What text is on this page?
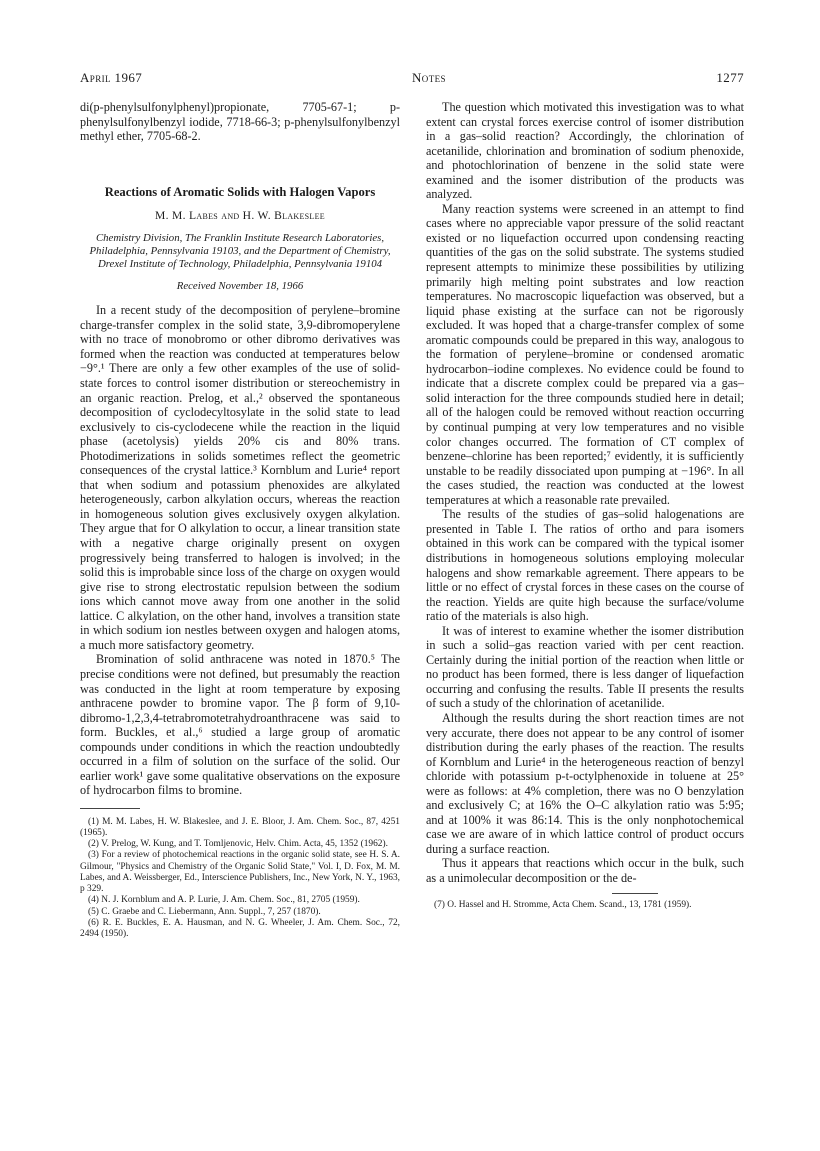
April 1967	Notes	1277

di(p-phenylsulfonylphenyl)propionate, 7705-67-1; p-phenylsulfonylbenzyl iodide, 7718-66-3; p-phenylsulfonylbenzyl methyl ether, 7705-68-2.

Reactions of Aromatic Solids with Halogen Vapors
M. M. Labes and H. W. Blakeslee
Chemistry Division, The Franklin Institute Research Laboratories, Philadelphia, Pennsylvania 19103, and the Department of Chemistry, Drexel Institute of Technology, Philadelphia, Pennsylvania 19104
Received November 18, 1966

In a recent study of the decomposition of perylene–bromine charge-transfer complex in the solid state, 3,9-dibromoperylene with no trace of monobromo or other dibromo derivatives was formed when the reaction was conducted at temperatures below −9°.¹ There are only a few other examples of the use of solid-state forces to control isomer distribution or stereochemistry in an organic reaction. Prelog, et al.,² observed the spontaneous decomposition of cyclodecyltosylate in the solid state to lead exclusively to cis-cyclodecene while the reaction in the liquid phase (acetolysis) yields 20% cis and 80% trans. Photodimerizations in solids sometimes reflect the geometric consequences of the crystal lattice.³ Kornblum and Lurie⁴ report that when sodium and potassium phenoxides are alkylated heterogeneously, carbon alkylation occurs, whereas the reaction in homogeneous solution gives exclusively oxygen alkylation. They argue that for O alkylation to occur, a linear transition state with a negative charge originally present on oxygen progressively being transferred to halogen is involved; in the solid this is improbable since loss of the charge on oxygen would give rise to strong electrostatic repulsion between the sodium ions which cannot move away from one another in the solid lattice. C alkylation, on the other hand, involves a transition state in which sodium ion nestles between oxygen and halogen atoms, a much more satisfactory geometry.

Bromination of solid anthracene was noted in 1870.⁵ The precise conditions were not defined, but presumably the reaction was conducted in the light at room temperature by exposing anthracene powder to bromine vapor. The β form of 9,10-dibromo-1,2,3,4-tetrabromotetrahydroanthracene was said to form. Buckles, et al.,⁶ studied a large group of aromatic compounds under conditions in which the reaction undoubtedly occurred in a film of solution on the surface of the solid. Our earlier work¹ gave some qualitative observations on the exposure of hydrocarbon films to bromine.

(1) M. M. Labes, H. W. Blakeslee, and J. E. Bloor, J. Am. Chem. Soc., 87, 4251 (1965).

(2) V. Prelog, W. Kung, and T. Tomljenovic, Helv. Chim. Acta, 45, 1352 (1962).

(3) For a review of photochemical reactions in the organic solid state, see H. S. A. Gilmour, "Physics and Chemistry of the Organic Solid State," Vol. I, D. Fox, M. M. Labes, and A. Weissberger, Ed., Interscience Publishers, Inc., New York, N. Y., 1963, p 329.

(4) N. J. Kornblum and A. P. Lurie, J. Am. Chem. Soc., 81, 2705 (1959).

(5) C. Graebe and C. Liebermann, Ann. Suppl., 7, 257 (1870).

(6) R. E. Buckles, E. A. Hausman, and N. G. Wheeler, J. Am. Chem. Soc., 72, 2494 (1950).

The question which motivated this investigation was to what extent can crystal forces exercise control of isomer distribution in a gas–solid reaction? Accordingly, the chlorination of acetanilide, chlorination and bromination of sodium phenoxide, and photochlorination of benzene in the solid state were examined and the isomer distribution of the products was analyzed.

Many reaction systems were screened in an attempt to find cases where no appreciable vapor pressure of the solid reactant existed or no liquefaction occurred upon condensing reacting quantities of the gas on the solid substrate. The systems studied represent attempts to minimize these possibilities by utilizing primarily high melting point substrates and low reaction temperatures. No macroscopic liquefaction was observed, but a liquid phase existing at the surface can not be rigorously excluded. It was hoped that a charge-transfer complex of some aromatic compounds could be prepared in this way, analogous to the formation of perylene–bromine or condensed aromatic hydrocarbon–iodine complexes. No evidence could be found to indicate that a discrete complex could be prepared via a gas–solid interaction for the three compounds studied here in detail; all of the halogen could be removed without reaction occurring by continual pumping at very low temperatures and no visible color changes occurred. The formation of CT complex of benzene–chlorine has been reported;⁷ evidently, it is sufficiently unstable to be readily dissociated upon pumping at −196°. In all the cases studied, the reaction was conducted at the lowest temperatures at which a reasonable rate prevailed.

The results of the studies of gas–solid halogenations are presented in Table I. The ratios of ortho and para isomers obtained in this work can be compared with the typical isomer distributions in homogeneous solutions employing molecular halogens and show remarkable agreement. There appears to be little or no effect of crystal forces in these cases on the course of the reaction. Yields are quite high because the surface/volume ratio of the materials is also high.

It was of interest to examine whether the isomer distribution in such a solid–gas reaction varied with per cent reaction. Certainly during the initial portion of the reaction when little or no product has been formed, there is less danger of liquefaction occurring and confusing the results. Table II presents the results of such a study of the chlorination of acetanilide.

Although the results during the short reaction times are not very accurate, there does not appear to be any control of isomer distribution during the early phases of the reaction. The results of Kornblum and Lurie⁴ in the heterogeneous reaction of benzyl chloride with potassium p-t-octylphenoxide in toluene at 25° were as follows: at 4% completion, there was no O benzylation and exclusively C; at 16% the O–C alkylation ratio was 5:95; and at 100% it was 86:14. This is the only nonphotochemical case we are aware of in which lattice control of product occurs during a surface reaction.

Thus it appears that reactions which occur in the bulk, such as a unimolecular decomposition or the de-

(7) O. Hassel and H. Stromme, Acta Chem. Scand., 13, 1781 (1959).
